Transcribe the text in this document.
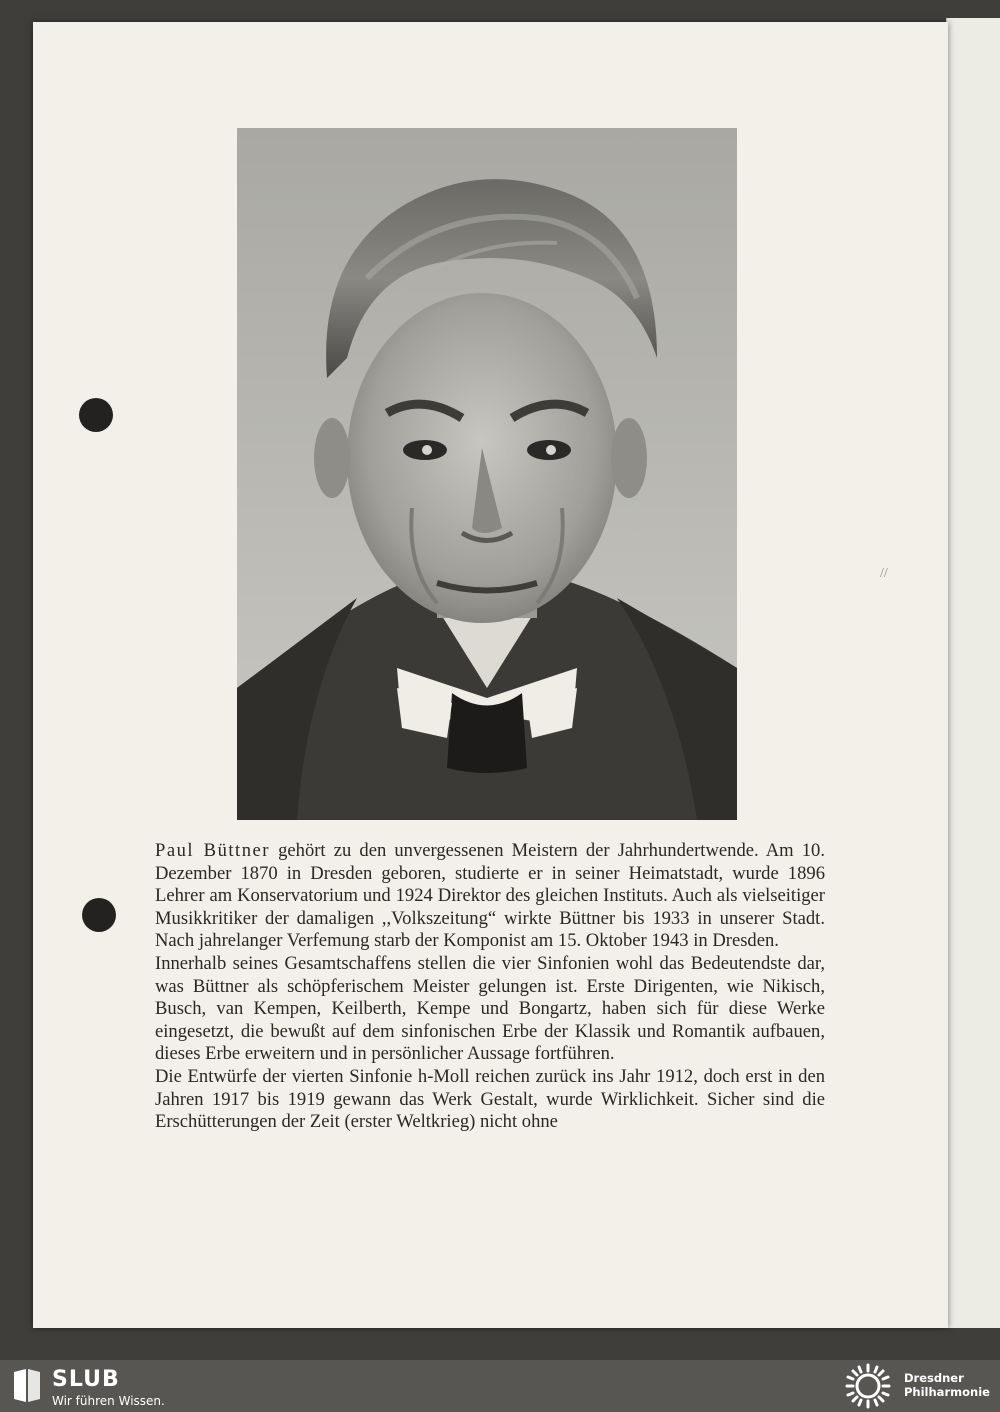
//

Paul Büttner gehört zu den unvergessenen Meistern der Jahrhundertwende. Am 10. Dezember 1870 in Dresden geboren, studierte er in seiner Heimatstadt, wurde 1896 Lehrer am Konservatorium und 1924 Direktor des gleichen Instituts. Auch als vielseitiger Musikkritiker der damaligen ,,Volkszeitung“ wirkte Büttner bis 1933 in unserer Stadt. Nach jahrelanger Verfemung starb der Komponist am 15. Oktober 1943 in Dresden.

Innerhalb seines Gesamtschaffens stellen die vier Sinfonien wohl das Bedeutendste dar, was Büttner als schöpferischem Meister gelungen ist. Erste Dirigenten, wie Nikisch, Busch, van Kempen, Keilberth, Kempe und Bongartz, haben sich für diese Werke eingesetzt, die bewußt auf dem sinfonischen Erbe der Klassik und Romantik aufbauen, dieses Erbe erweitern und in persönlicher Aussage fortführen.

Die Entwürfe der vierten Sinfonie h-Moll reichen zurück ins Jahr 1912, doch erst in den Jahren 1917 bis 1919 gewann das Werk Gestalt, wurde Wirklichkeit. Sicher sind die Erschütterungen der Zeit (erster Weltkrieg) nicht ohne

SLUB
Wir führen Wissen.
Dresdner
Philharmonie
